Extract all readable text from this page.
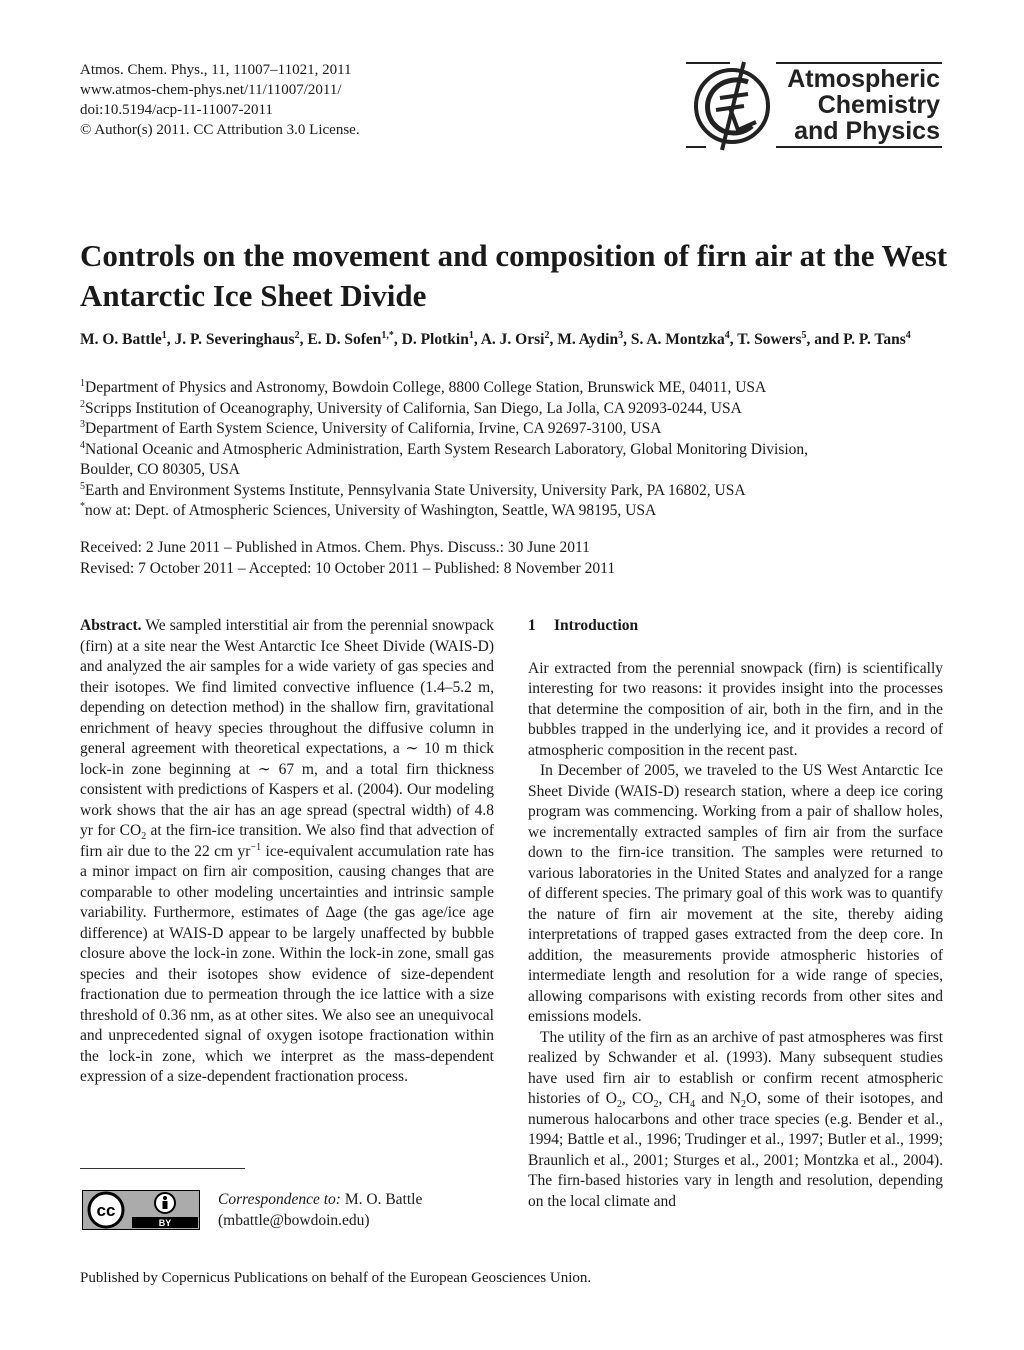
Atmos. Chem. Phys., 11, 11007–11021, 2011
www.atmos-chem-phys.net/11/11007/2011/
doi:10.5194/acp-11-11007-2011
© Author(s) 2011. CC Attribution 3.0 License.
Atmospheric
Chemistry
and Physics
Controls on the movement and composition of firn air at the West Antarctic Ice Sheet Divide
M. O. Battle$^1$, J. P. Severinghaus$^2$, E. D. Sofen$^{1,*}$, D. Plotkin$^1$, A. J. Orsi$^2$, M. Aydin$^3$, S. A. Montzka$^4$, T. Sowers$^5$, and P. P. Tans$^4$
$^1$Department of Physics and Astronomy, Bowdoin College, 8800 College Station, Brunswick ME, 04011, USA
$^2$Scripps Institution of Oceanography, University of California, San Diego, La Jolla, CA 92093-0244, USA
$^3$Department of Earth System Science, University of California, Irvine, CA 92697-3100, USA
$^4$National Oceanic and Atmospheric Administration, Earth System Research Laboratory, Global Monitoring Division,
Boulder, CO 80305, USA
$^5$Earth and Environment Systems Institute, Pennsylvania State University, University Park, PA 16802, USA
*now at: Dept. of Atmospheric Sciences, University of Washington, Seattle, WA 98195, USA
Received: 2 June 2011 – Published in Atmos. Chem. Phys. Discuss.: 30 June 2011
Revised: 7 October 2011 – Accepted: 10 October 2011 – Published: 8 November 2011

Abstract. We sampled interstitial air from the perennial snowpack (firn) at a site near the West Antarctic Ice Sheet Divide (WAIS-D) and analyzed the air samples for a wide variety of gas species and their isotopes. We find limited convective influence (1.4–5.2 m, depending on detection method) in the shallow firn, gravitational enrichment of heavy species throughout the diffusive column in general agreement with theoretical expectations, a ∼ 10 m thick lock-in zone beginning at ∼ 67 m, and a total firn thickness consistent with predictions of Kaspers et al. (2004). Our modeling work shows that the air has an age spread (spectral width) of 4.8 yr for $CO_2$ at the firn-ice transition. We also find that advection of firn air due to the 22 cm $yr^{-1}$ ice-equivalent accumulation rate has a minor impact on firn air composition, causing changes that are comparable to other modeling uncertainties and intrinsic sample variability. Furthermore, estimates of Δage (the gas age/ice age difference) at WAIS-D appear to be largely unaffected by bubble closure above the lock-in zone. Within the lock-in zone, small gas species and their isotopes show evidence of size-dependent fractionation due to permeation through the ice lattice with a size threshold of 0.36 nm, as at other sites. We also see an unequivocal and unprecedented signal of oxygen isotope fractionation within the lock-in zone, which we interpret as the mass-dependent expression of a size-dependent fractionation process.

1 Introduction

Air extracted from the perennial snowpack (firn) is scientifically interesting for two reasons: it provides insight into the processes that determine the composition of air, both in the firn, and in the bubbles trapped in the underlying ice, and it provides a record of atmospheric composition in the recent past.

In December of 2005, we traveled to the US West Antarctic Ice Sheet Divide (WAIS-D) research station, where a deep ice coring program was commencing. Working from a pair of shallow holes, we incrementally extracted samples of firn air from the surface down to the firn-ice transition. The samples were returned to various laboratories in the United States and analyzed for a range of different species. The primary goal of this work was to quantify the nature of firn air movement at the site, thereby aiding interpretations of trapped gases extracted from the deep core. In addition, the measurements provide atmospheric histories of intermediate length and resolution for a wide range of species, allowing comparisons with existing records from other sites and emissions models.

The utility of the firn as an archive of past atmospheres was first realized by Schwander et al. (1993). Many subsequent studies have used firn air to establish or confirm recent atmospheric histories of $O_2$, $CO_2$, $CH_4$ and $N_2O$, some of their isotopes, and numerous halocarbons and other trace species (e.g. Bender et al., 1994; Battle et al., 1996; Trudinger et al., 1997; Butler et al., 1999; Braunlich et al., 2001; Sturges et al., 2001; Montzka et al., 2004). The firn-based histories vary in length and resolution, depending on the local climate and

cc
BY
Correspondence to: M. O. Battle
(mbattle@bowdoin.edu)
Published by Copernicus Publications on behalf of the European Geosciences Union.
